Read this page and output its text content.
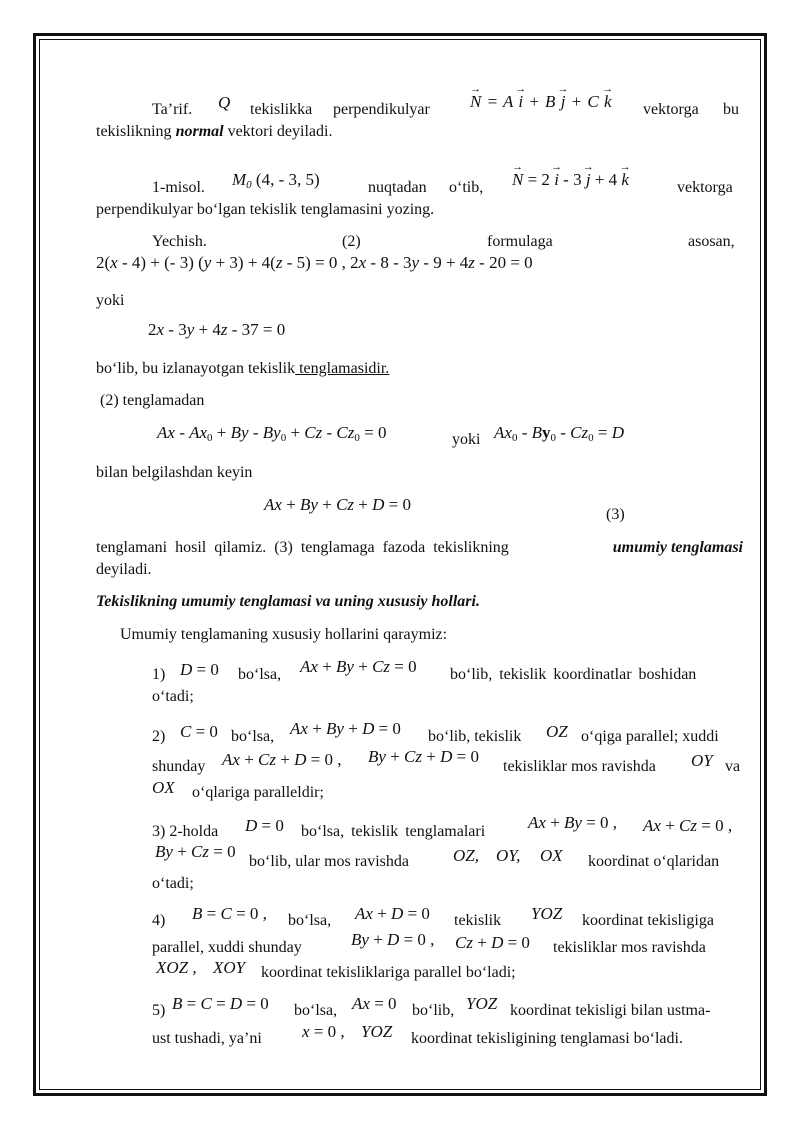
Ta’rif. Q tekislikka perpendikulyar → N = A → i + B → j + C → k vektorga bu
tekislikning normal vektori deyiladi.
1-misol. $M_0$ (4, - 3, 5)	nuqtadan o‘tib, → N = 2 → i - 3 → j + 4 → k	vektorga
perpendikulyar bo‘lgan tekislik tenglamasini yozing.
Yechish.	(2)	formulaga	asosan,
2(x - 4) + (- 3) (y + 3) + 4(z - 5) = 0 , 2x - 8 - 3y - 9 + 4z - 20 = 0
yoki
2x - 3y + 4z - 37 = 0
bo‘lib, bu izlanayotgan tekislik tenglamasidir.
(2) tenglamadan
$Ax - Ax_0 + By - By_0 + Cz - Cz_0 = 0$	yoki $Ax_0 - By_0 - Cz_0 = D$
bilan belgilashdan keyin
Ax + By + Cz + D = 0
(3)
tenglamani hosil qilamiz. (3) tenglamaga fazoda tekislikning	umumiy tenglamasi
deyiladi.
Tekislikning umumiy tenglamasi va uning xususiy hollari.
Umumiy tenglamaning xususiy hollarini qaraymiz:
1) D = 0 bo‘lsa, Ax + By + Cz = 0 bo‘lib, tekislik koordinatlar boshidan
o‘tadi;
2) C = 0 bo‘lsa, Ax + By + D = 0 bo‘lib, tekislik OZ o‘qiga parallel; xuddi
shunday Ax + Cz + D = 0 , By + Cz + D = 0
tekisliklar mos ravishda OY va
OX o‘qlariga paralleldir;
3) 2-holda D = 0 bo‘lsa, tekislik tenglamalari	Ax + By = 0 , Ax + Cz = 0 ,
By + Cz = 0
bo‘lib, ular mos ravishda	OZ, OY, OX koordinat o‘qlaridan
o‘tadi;
4) B = C = 0 , bo‘lsa, Ax + D = 0 tekislik YOZ koordinat tekisligiga
parallel, xuddi shunday	By + D = 0 , Cz + D = 0 tekisliklar mos ravishda
XOZ , XOY koordinat tekisliklariga parallel bo‘ladi;
5) B = C = D = 0 bo‘lsa, Ax = 0 bo‘lib, YOZ koordinat tekisligi bilan ustma-
ust tushadi, ya’ni x = 0 , YOZ koordinat tekisligining tenglamasi bo‘ladi.
